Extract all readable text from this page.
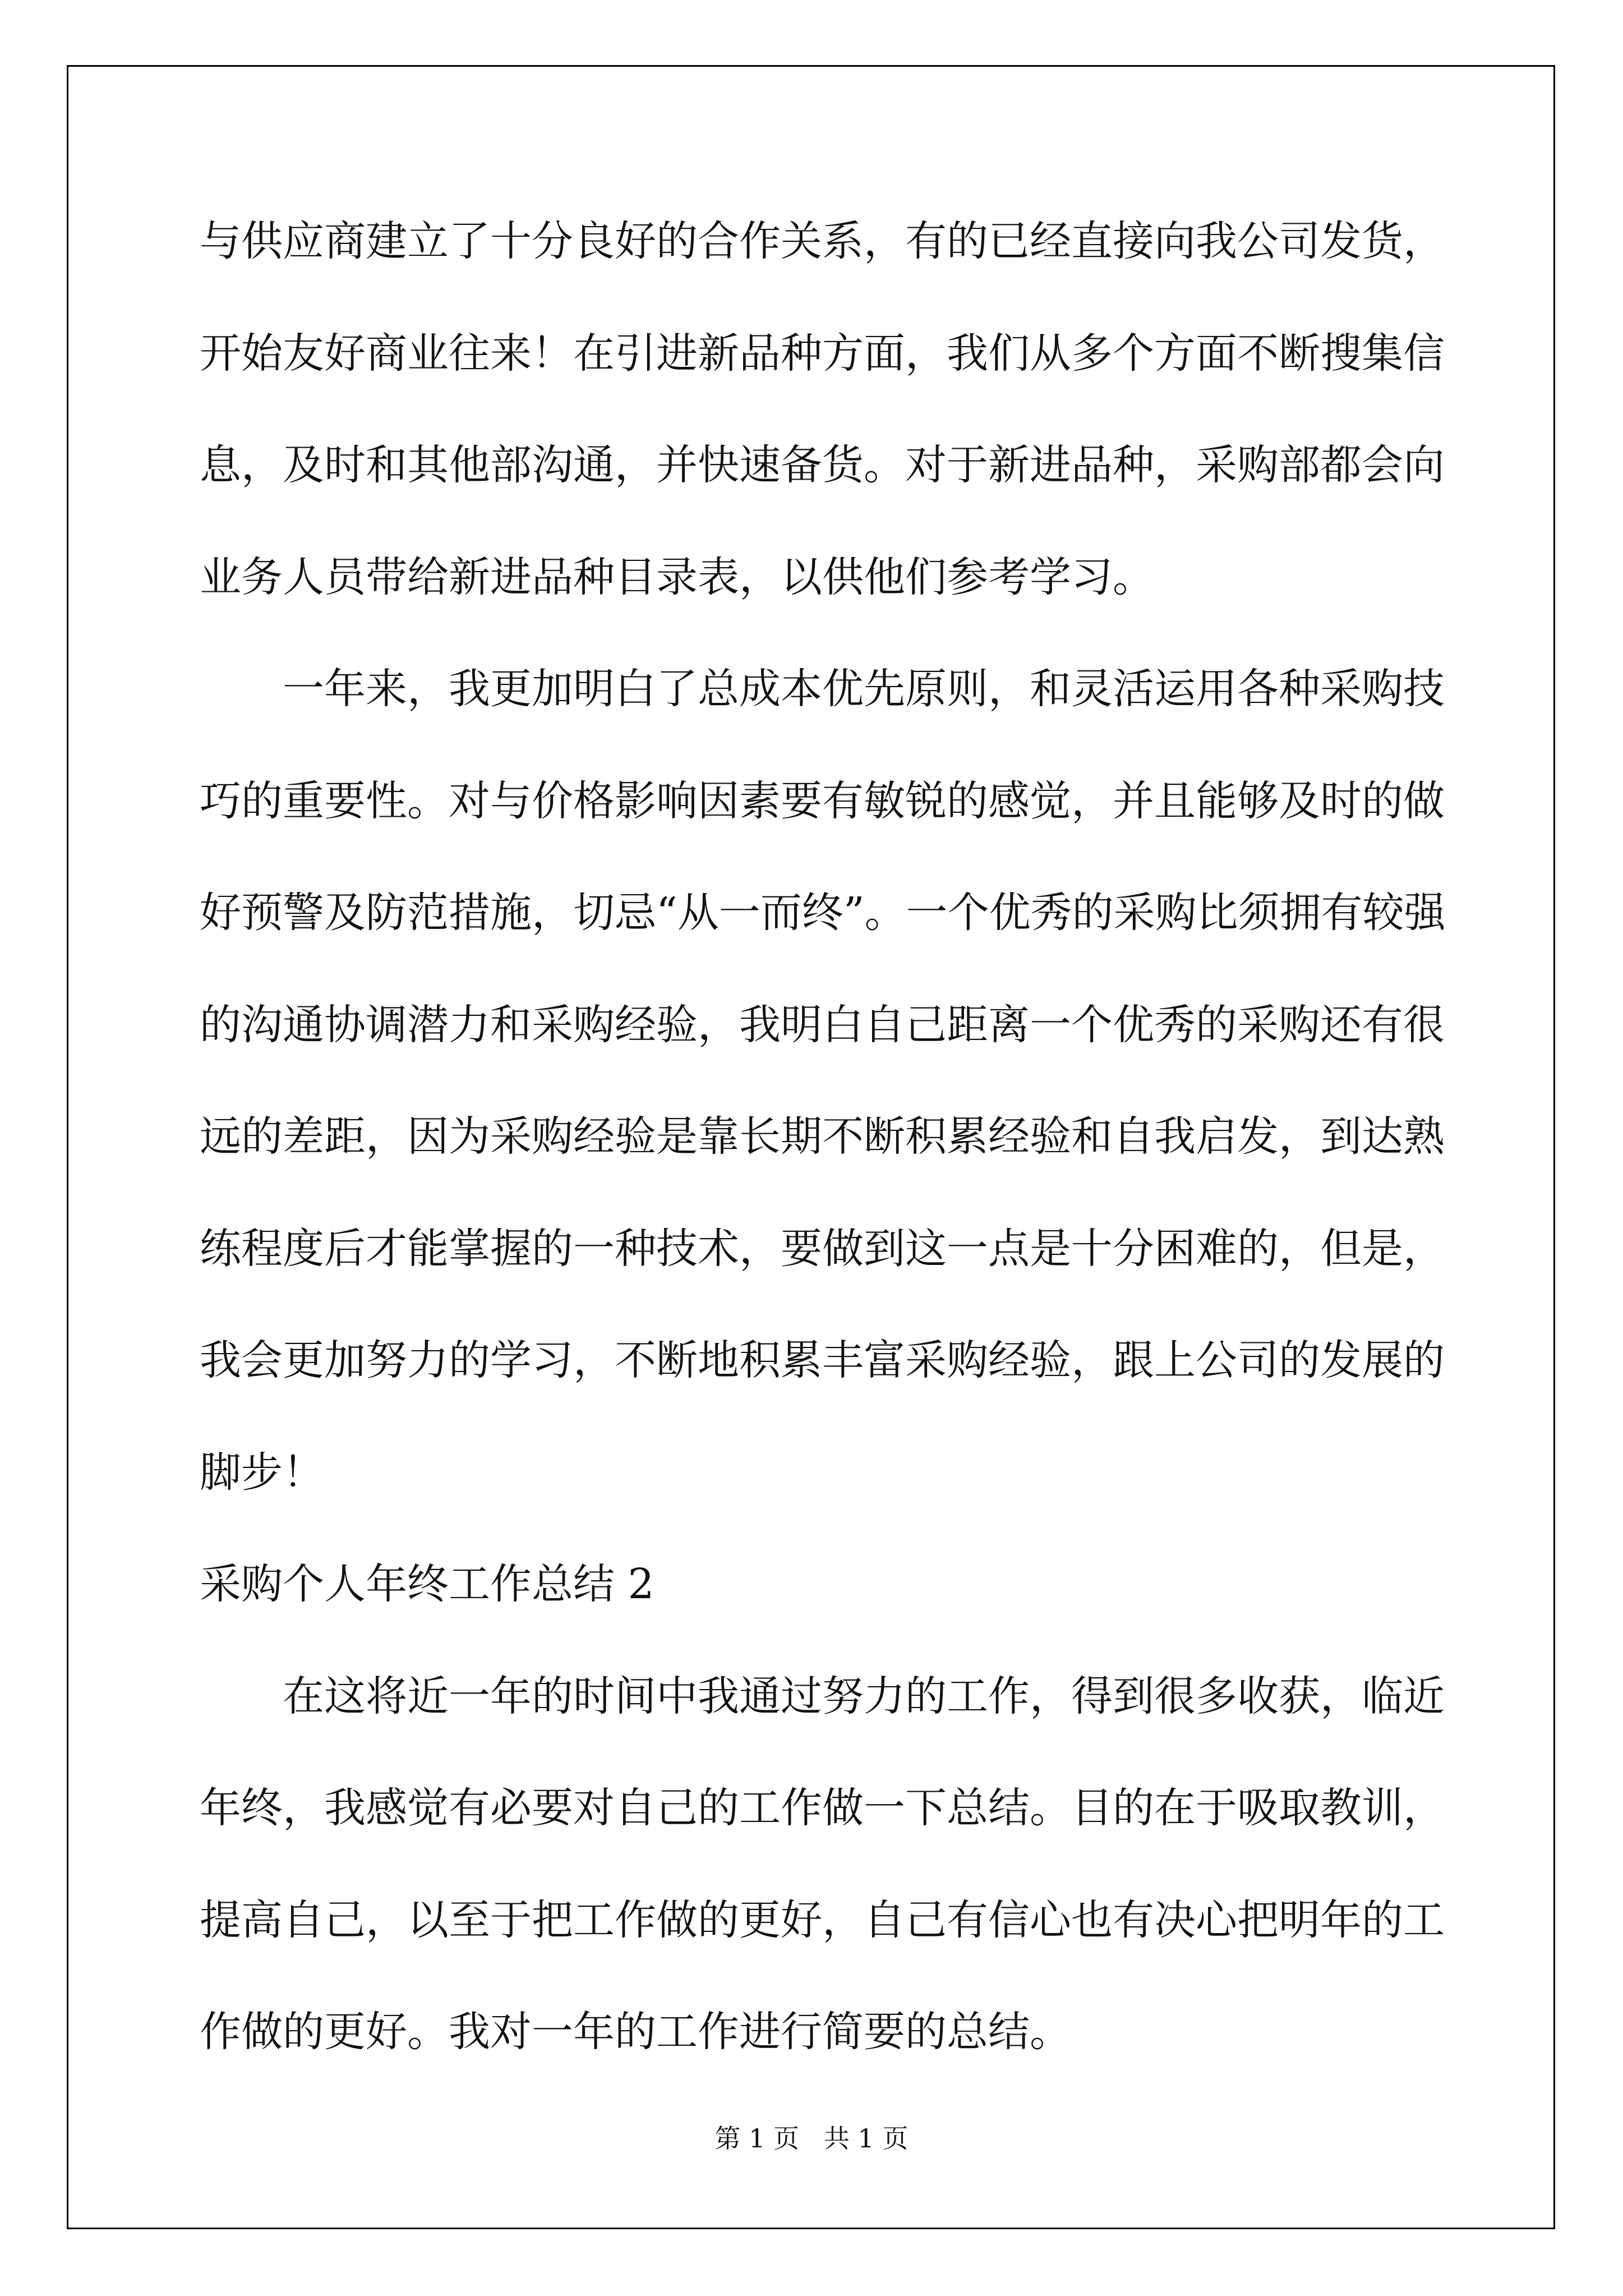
与供应商建立了十分良好的合作关系，有的已经直接向我公司发货，
开始友好商业往来！在引进新品种方面，我们从多个方面不断搜集信
息，及时和其他部沟通，并快速备货。对于新进品种，采购部都会向
业务人员带给新进品种目录表，以供他们参考学习。
一年来，我更加明白了总成本优先原则，和灵活运用各种采购技
巧的重要性。对与价格影响因素要有敏锐的感觉，并且能够及时的做
好预警及防范措施，切忌“从一而终”。一个优秀的采购比须拥有较强
的沟通协调潜力和采购经验，我明白自己距离一个优秀的采购还有很
远的差距，因为采购经验是靠长期不断积累经验和自我启发，到达熟
练程度后才能掌握的一种技术，要做到这一点是十分困难的，但是，
我会更加努力的学习，不断地积累丰富采购经验，跟上公司的发展的
脚步！
采购个人年终工作总结 2
在这将近一年的时间中我通过努力的工作，得到很多收获，临近
年终，我感觉有必要对自己的工作做一下总结。目的在于吸取教训，
提高自己，以至于把工作做的更好，自己有信心也有决心把明年的工
作做的更好。我对一年的工作进行简要的总结。
第 1 页   共 1 页
